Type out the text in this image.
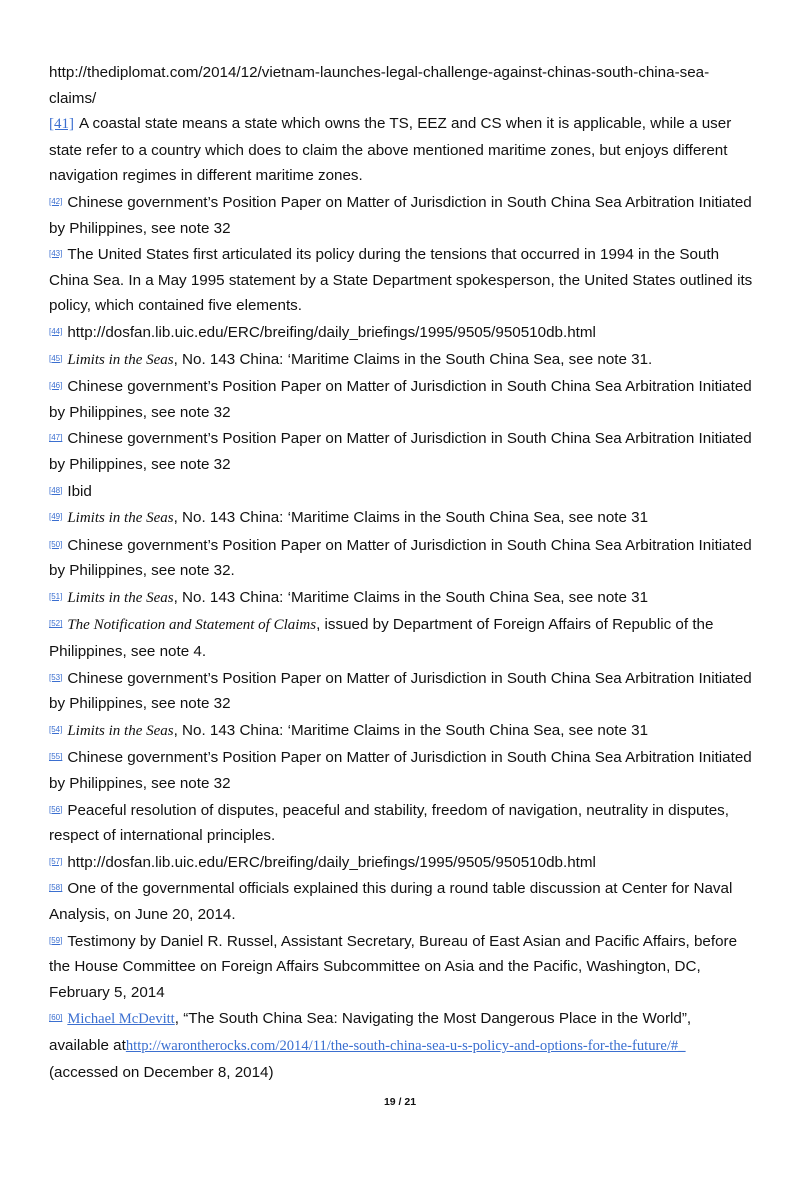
http://thediplomat.com/2014/12/vietnam-launches-legal-challenge-against-chinas-south-china-sea-claims/

[41] A coastal state means a state which owns the TS, EEZ and CS when it is applicable, while a user state refer to a country which does to claim the above mentioned maritime zones, but enjoys different navigation regimes in different maritime zones.

[42] Chinese government’s Position Paper on Matter of Jurisdiction in South China Sea Arbitration Initiated by Philippines, see note 32

[43] The United States first articulated its policy during the tensions that occurred in 1994 in the South China Sea. In a May 1995 statement by a State Department spokesperson, the United States outlined its policy, which contained five elements.

[44] http://dosfan.lib.uic.edu/ERC/breifing/daily_briefings/1995/9505/950510db.html

[45] Limits in the Seas, No. 143 China: ‘Maritime Claims in the South China Sea, see note 31.

[46] Chinese government’s Position Paper on Matter of Jurisdiction in South China Sea Arbitration Initiated by Philippines, see note 32

[47] Chinese government’s Position Paper on Matter of Jurisdiction in South China Sea Arbitration Initiated by Philippines, see note 32

[48] Ibid

[49] Limits in the Seas, No. 143 China: ‘Maritime Claims in the South China Sea, see note 31

[50] Chinese government’s Position Paper on Matter of Jurisdiction in South China Sea Arbitration Initiated by Philippines, see note 32.

[51] Limits in the Seas, No. 143 China: ‘Maritime Claims in the South China Sea, see note 31

[52] The Notification and Statement of Claims, issued by Department of Foreign Affairs of Republic of the Philippines, see note 4.

[53] Chinese government’s Position Paper on Matter of Jurisdiction in South China Sea Arbitration Initiated by Philippines, see note 32

[54] Limits in the Seas, No. 143 China: ‘Maritime Claims in the South China Sea, see note 31

[55] Chinese government’s Position Paper on Matter of Jurisdiction in South China Sea Arbitration Initiated by Philippines, see note 32

[56] Peaceful resolution of disputes, peaceful and stability, freedom of navigation, neutrality in disputes, respect of international principles.

[57] http://dosfan.lib.uic.edu/ERC/breifing/daily_briefings/1995/9505/950510db.html

[58] One of the governmental officials explained this during a round table discussion at Center for Naval Analysis, on June 20, 2014.

[59] Testimony by Daniel R. Russel, Assistant Secretary, Bureau of East Asian and Pacific Affairs, before the House Committee on Foreign Affairs Subcommittee on Asia and the Pacific, Washington, DC, February 5, 2014

[60] Michael McDevitt, “The South China Sea: Navigating the Most Dangerous Place in the World”, available athttp://warontherocks.com/2014/11/the-south-china-sea-u-s-policy-and-options-for-the-future/#_ (accessed on December 8, 2014)

19 / 21
